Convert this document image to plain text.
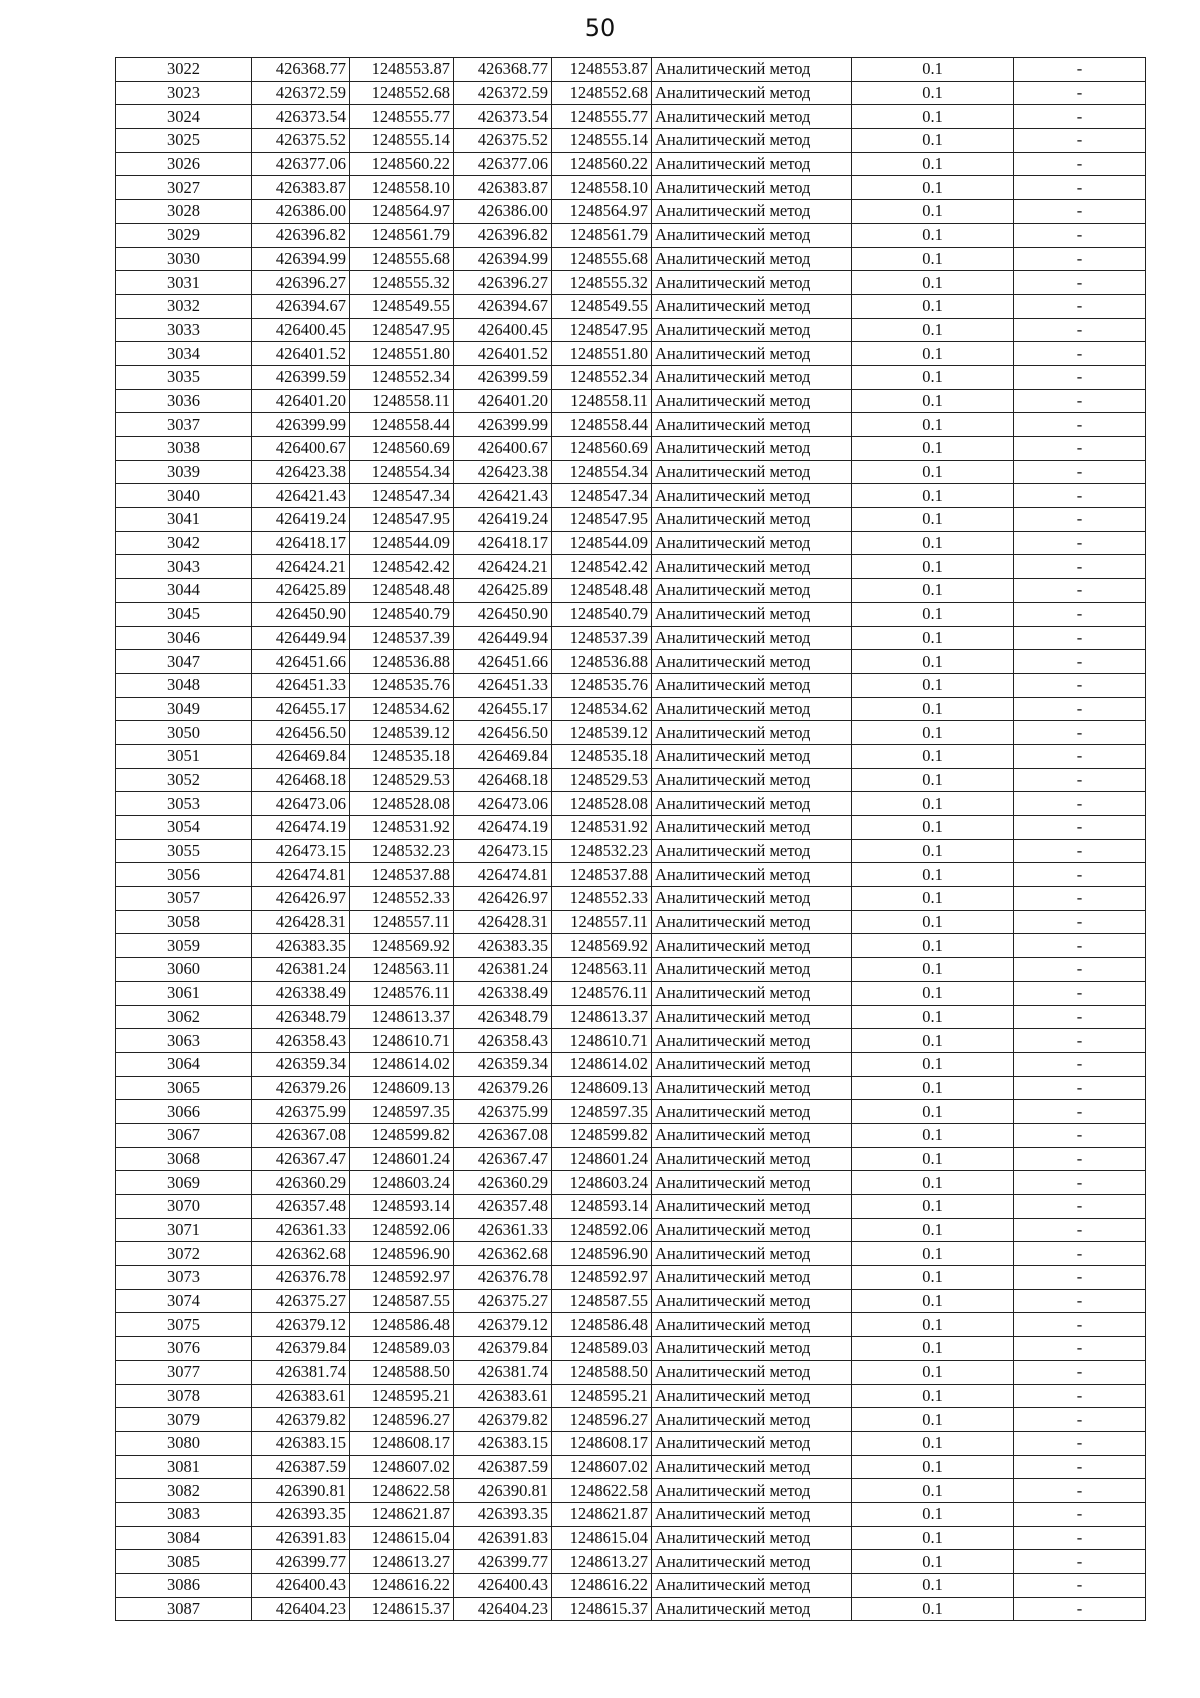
50
3022	426368.77	1248553.87	426368.77	1248553.87	Аналитический метод	0.1	-
3023	426372.59	1248552.68	426372.59	1248552.68	Аналитический метод	0.1	-
3024	426373.54	1248555.77	426373.54	1248555.77	Аналитический метод	0.1	-
3025	426375.52	1248555.14	426375.52	1248555.14	Аналитический метод	0.1	-
3026	426377.06	1248560.22	426377.06	1248560.22	Аналитический метод	0.1	-
3027	426383.87	1248558.10	426383.87	1248558.10	Аналитический метод	0.1	-
3028	426386.00	1248564.97	426386.00	1248564.97	Аналитический метод	0.1	-
3029	426396.82	1248561.79	426396.82	1248561.79	Аналитический метод	0.1	-
3030	426394.99	1248555.68	426394.99	1248555.68	Аналитический метод	0.1	-
3031	426396.27	1248555.32	426396.27	1248555.32	Аналитический метод	0.1	-
3032	426394.67	1248549.55	426394.67	1248549.55	Аналитический метод	0.1	-
3033	426400.45	1248547.95	426400.45	1248547.95	Аналитический метод	0.1	-
3034	426401.52	1248551.80	426401.52	1248551.80	Аналитический метод	0.1	-
3035	426399.59	1248552.34	426399.59	1248552.34	Аналитический метод	0.1	-
3036	426401.20	1248558.11	426401.20	1248558.11	Аналитический метод	0.1	-
3037	426399.99	1248558.44	426399.99	1248558.44	Аналитический метод	0.1	-
3038	426400.67	1248560.69	426400.67	1248560.69	Аналитический метод	0.1	-
3039	426423.38	1248554.34	426423.38	1248554.34	Аналитический метод	0.1	-
3040	426421.43	1248547.34	426421.43	1248547.34	Аналитический метод	0.1	-
3041	426419.24	1248547.95	426419.24	1248547.95	Аналитический метод	0.1	-
3042	426418.17	1248544.09	426418.17	1248544.09	Аналитический метод	0.1	-
3043	426424.21	1248542.42	426424.21	1248542.42	Аналитический метод	0.1	-
3044	426425.89	1248548.48	426425.89	1248548.48	Аналитический метод	0.1	-
3045	426450.90	1248540.79	426450.90	1248540.79	Аналитический метод	0.1	-
3046	426449.94	1248537.39	426449.94	1248537.39	Аналитический метод	0.1	-
3047	426451.66	1248536.88	426451.66	1248536.88	Аналитический метод	0.1	-
3048	426451.33	1248535.76	426451.33	1248535.76	Аналитический метод	0.1	-
3049	426455.17	1248534.62	426455.17	1248534.62	Аналитический метод	0.1	-
3050	426456.50	1248539.12	426456.50	1248539.12	Аналитический метод	0.1	-
3051	426469.84	1248535.18	426469.84	1248535.18	Аналитический метод	0.1	-
3052	426468.18	1248529.53	426468.18	1248529.53	Аналитический метод	0.1	-
3053	426473.06	1248528.08	426473.06	1248528.08	Аналитический метод	0.1	-
3054	426474.19	1248531.92	426474.19	1248531.92	Аналитический метод	0.1	-
3055	426473.15	1248532.23	426473.15	1248532.23	Аналитический метод	0.1	-
3056	426474.81	1248537.88	426474.81	1248537.88	Аналитический метод	0.1	-
3057	426426.97	1248552.33	426426.97	1248552.33	Аналитический метод	0.1	-
3058	426428.31	1248557.11	426428.31	1248557.11	Аналитический метод	0.1	-
3059	426383.35	1248569.92	426383.35	1248569.92	Аналитический метод	0.1	-
3060	426381.24	1248563.11	426381.24	1248563.11	Аналитический метод	0.1	-
3061	426338.49	1248576.11	426338.49	1248576.11	Аналитический метод	0.1	-
3062	426348.79	1248613.37	426348.79	1248613.37	Аналитический метод	0.1	-
3063	426358.43	1248610.71	426358.43	1248610.71	Аналитический метод	0.1	-
3064	426359.34	1248614.02	426359.34	1248614.02	Аналитический метод	0.1	-
3065	426379.26	1248609.13	426379.26	1248609.13	Аналитический метод	0.1	-
3066	426375.99	1248597.35	426375.99	1248597.35	Аналитический метод	0.1	-
3067	426367.08	1248599.82	426367.08	1248599.82	Аналитический метод	0.1	-
3068	426367.47	1248601.24	426367.47	1248601.24	Аналитический метод	0.1	-
3069	426360.29	1248603.24	426360.29	1248603.24	Аналитический метод	0.1	-
3070	426357.48	1248593.14	426357.48	1248593.14	Аналитический метод	0.1	-
3071	426361.33	1248592.06	426361.33	1248592.06	Аналитический метод	0.1	-
3072	426362.68	1248596.90	426362.68	1248596.90	Аналитический метод	0.1	-
3073	426376.78	1248592.97	426376.78	1248592.97	Аналитический метод	0.1	-
3074	426375.27	1248587.55	426375.27	1248587.55	Аналитический метод	0.1	-
3075	426379.12	1248586.48	426379.12	1248586.48	Аналитический метод	0.1	-
3076	426379.84	1248589.03	426379.84	1248589.03	Аналитический метод	0.1	-
3077	426381.74	1248588.50	426381.74	1248588.50	Аналитический метод	0.1	-
3078	426383.61	1248595.21	426383.61	1248595.21	Аналитический метод	0.1	-
3079	426379.82	1248596.27	426379.82	1248596.27	Аналитический метод	0.1	-
3080	426383.15	1248608.17	426383.15	1248608.17	Аналитический метод	0.1	-
3081	426387.59	1248607.02	426387.59	1248607.02	Аналитический метод	0.1	-
3082	426390.81	1248622.58	426390.81	1248622.58	Аналитический метод	0.1	-
3083	426393.35	1248621.87	426393.35	1248621.87	Аналитический метод	0.1	-
3084	426391.83	1248615.04	426391.83	1248615.04	Аналитический метод	0.1	-
3085	426399.77	1248613.27	426399.77	1248613.27	Аналитический метод	0.1	-
3086	426400.43	1248616.22	426400.43	1248616.22	Аналитический метод	0.1	-
3087	426404.23	1248615.37	426404.23	1248615.37	Аналитический метод	0.1	-
